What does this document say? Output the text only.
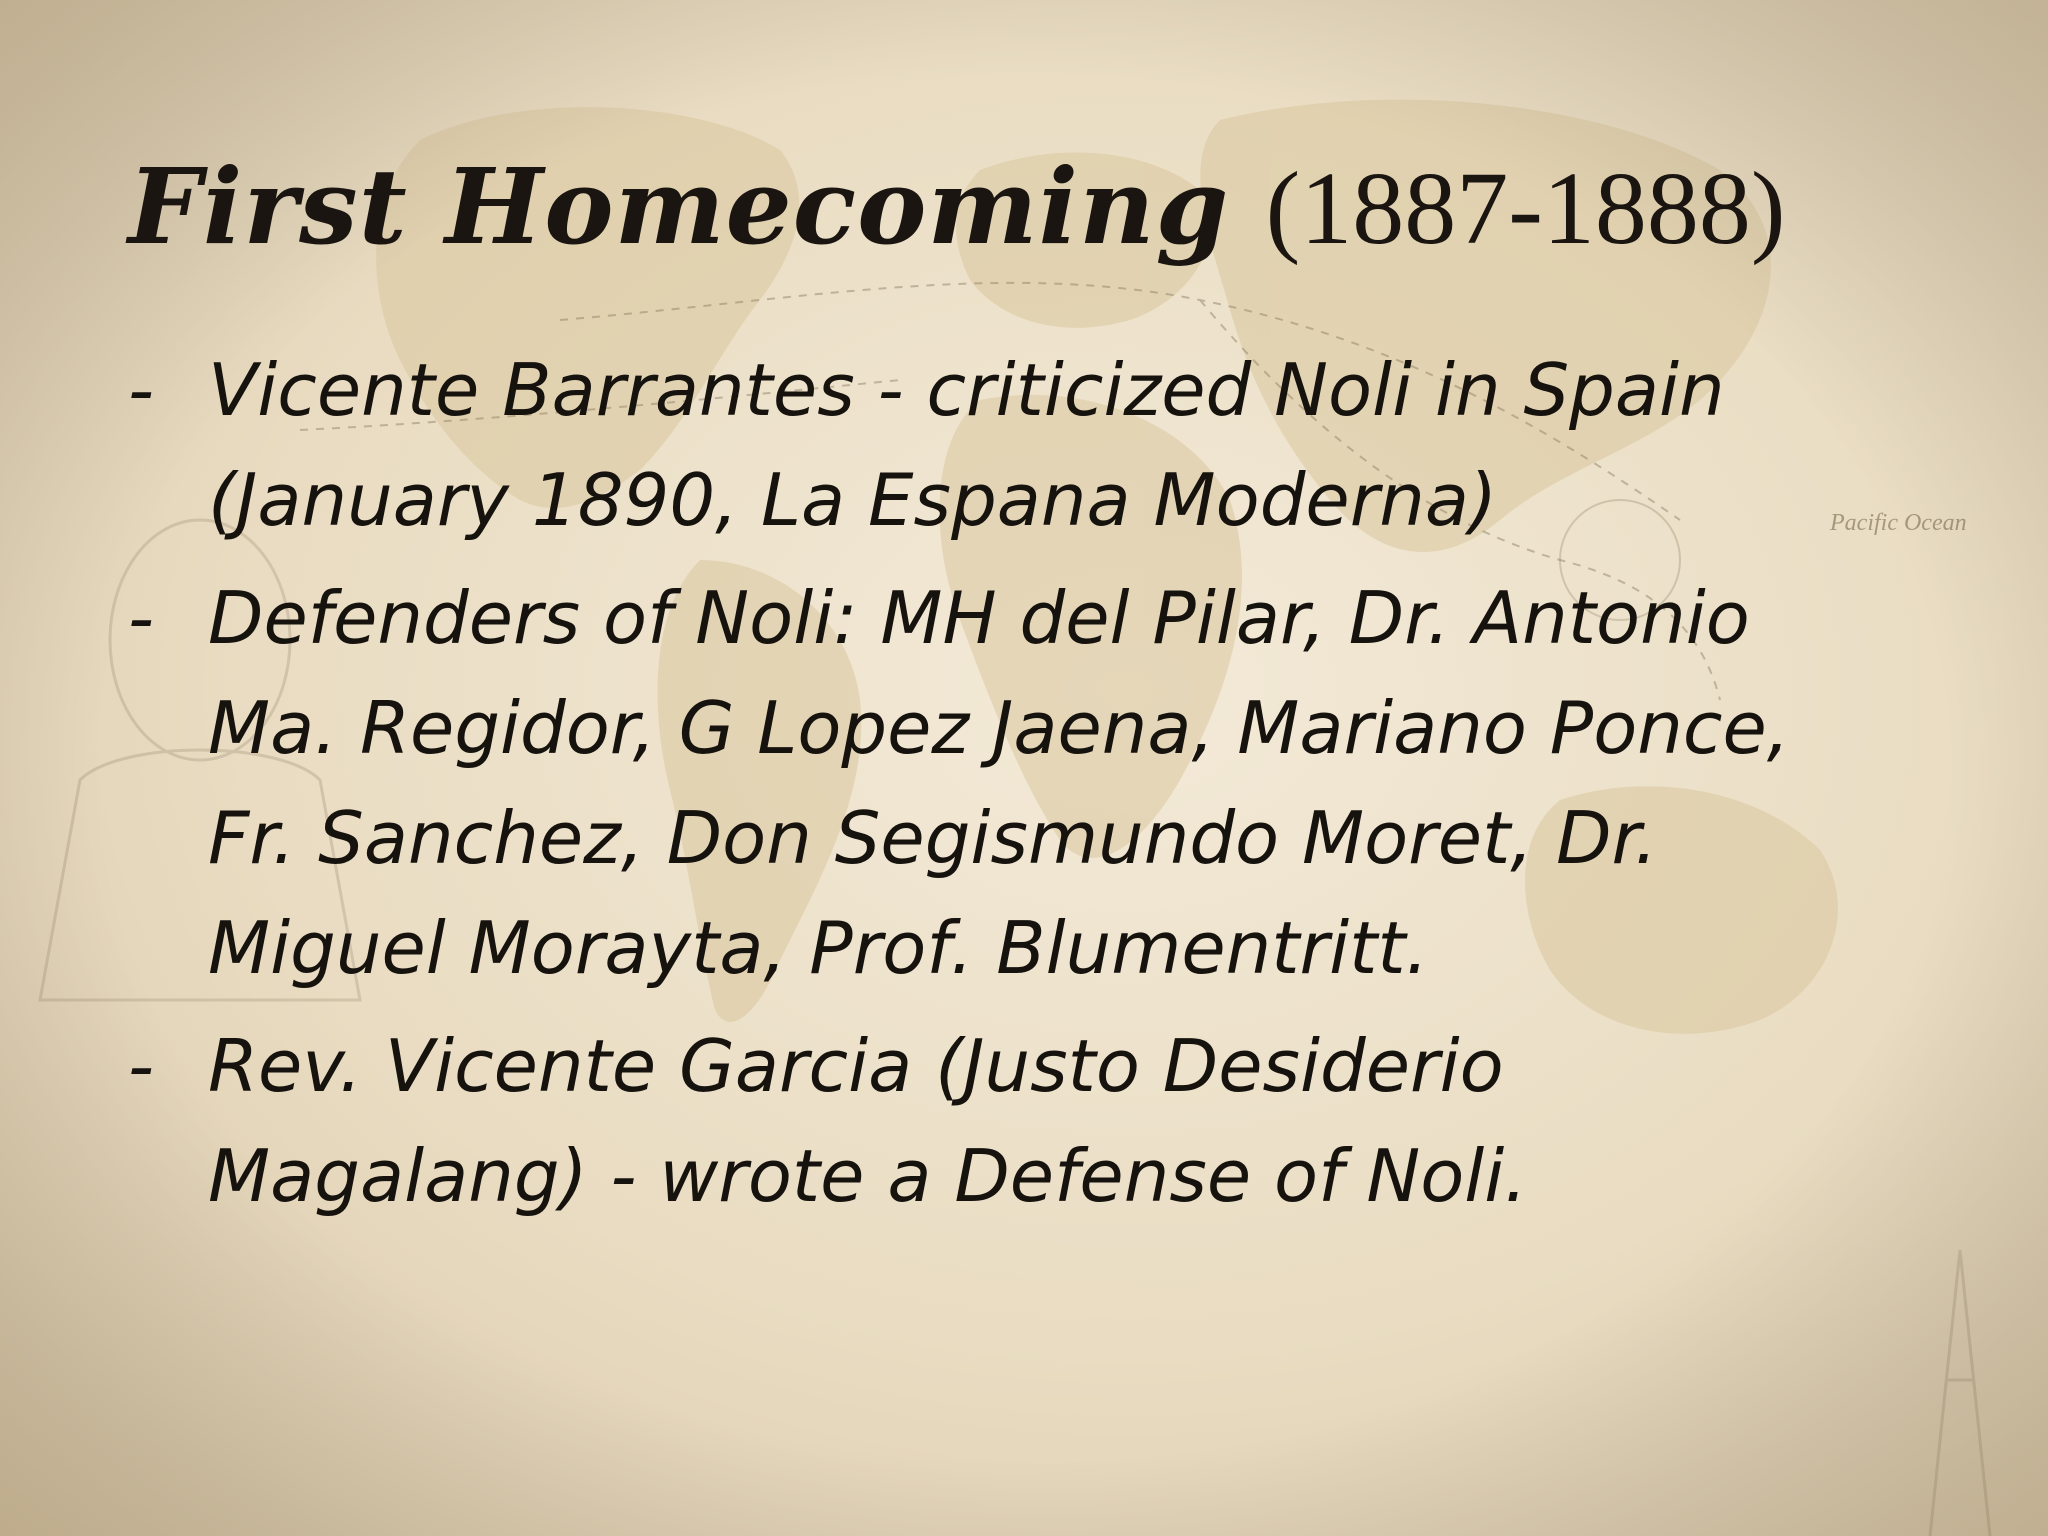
First Homecoming (1887-1888)
- Vicente Barrantes - criticized Noli in Spain (January 1890, La Espana Moderna)
- Defenders of Noli: MH del Pilar, Dr. Antonio Ma. Regidor, G Lopez Jaena, Mariano Ponce, Fr. Sanchez, Don Segismundo Moret, Dr. Miguel Morayta, Prof. Blumentritt.
- Rev. Vicente Garcia (Justo Desiderio Magalang) - wrote a Defense of Noli.
